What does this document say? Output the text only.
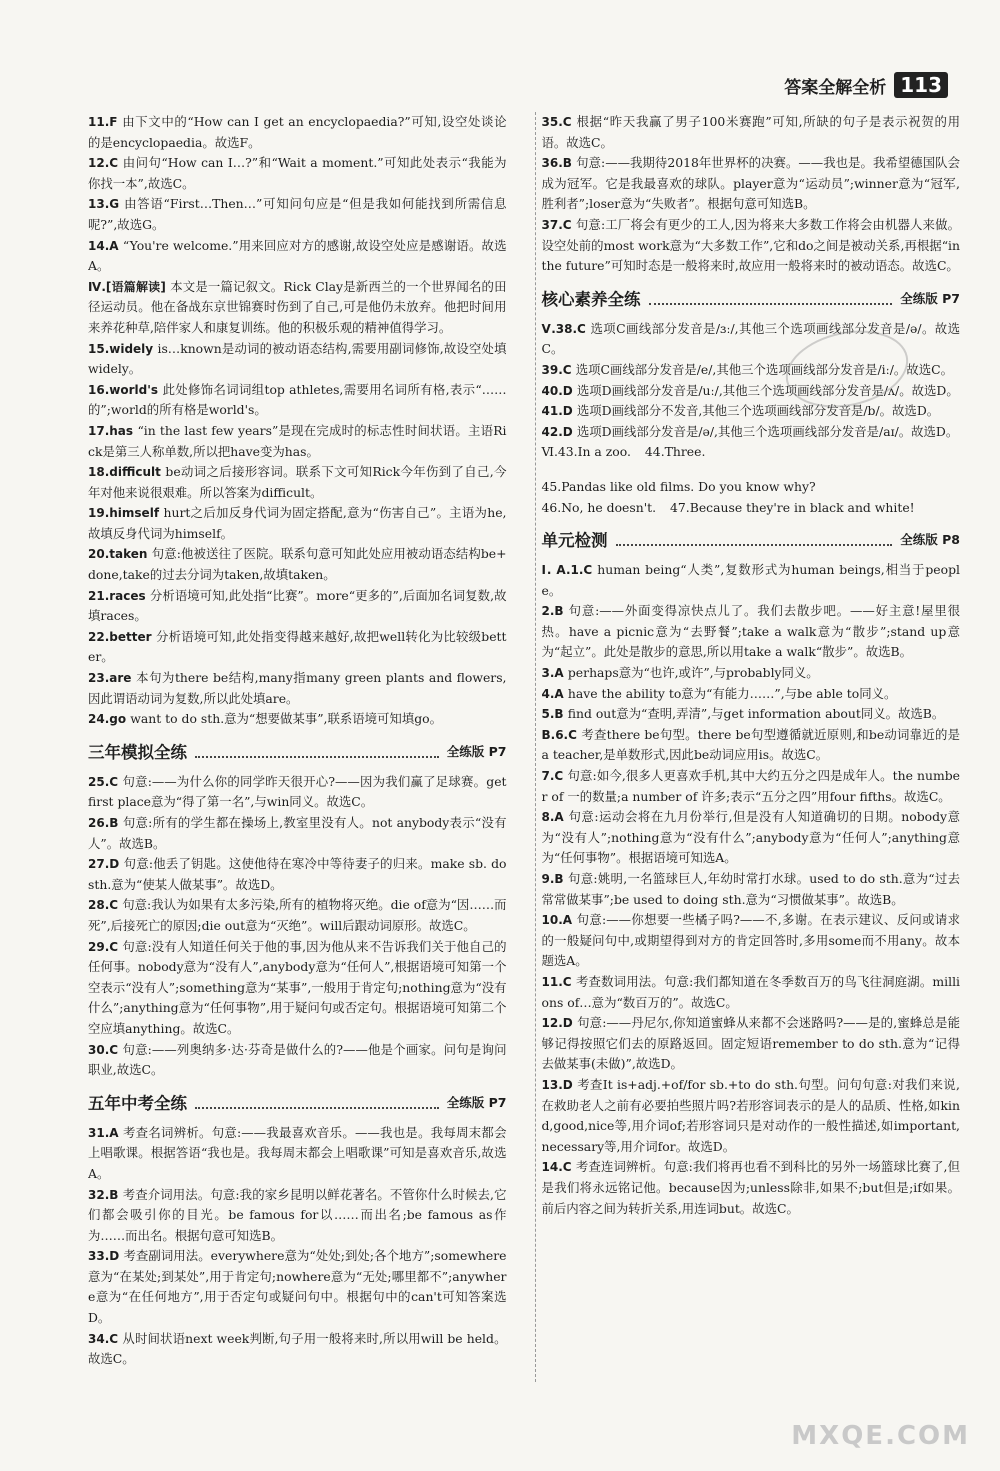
答案全解全析 113

11.F 由下文中的“How can I get an encyclopaedia?”可知,设空处谈论的是encyclopaedia。故选F。

12.C 由问句“How can I…?”和“Wait a moment.”可知此处表示“我能为你找一本”,故选C。

13.G 由答语“First…Then…”可知问句应是“但是我如何能找到所需信息呢?”,故选G。

14.A “You're welcome.”用来回应对方的感谢,故设空处应是感谢语。故选A。

Ⅳ.[语篇解读] 本文是一篇记叙文。Rick Clay是新西兰的一个世界闻名的田径运动员。他在备战东京世锦赛时伤到了自己,可是他仍未放弃。他把时间用来养花种草,陪伴家人和康复训练。他的积极乐观的精神值得学习。

15.widely is…known是动词的被动语态结构,需要用副词修饰,故设空处填widely。

16.world's 此处修饰名词词组top athletes,需要用名词所有格,表示“……的”;world的所有格是world's。

17.has “in the last few years”是现在完成时的标志性时间状语。主语Rick是第三人称单数,所以把have变为has。

18.difficult be动词之后接形容词。联系下文可知Rick今年伤到了自己,今年对他来说很艰难。所以答案为difficult。

19.himself hurt之后加反身代词为固定搭配,意为“伤害自己”。主语为he,故填反身代词为himself。

20.taken 句意:他被送往了医院。联系句意可知此处应用被动语态结构be+done,take的过去分词为taken,故填taken。

21.races 分析语境可知,此处指“比赛”。more“更多的”,后面加名词复数,故填races。

22.better 分析语境可知,此处指变得越来越好,故把well转化为比较级better。

23.are 本句为there be结构,many指many green plants and flowers,因此谓语动词为复数,所以此处填are。

24.go want to do sth.意为“想要做某事”,联系语境可知填go。

三年模拟全练	全练版 P7

25.C 句意:——为什么你的同学昨天很开心?——因为我们赢了足球赛。get first place意为“得了第一名”,与win同义。故选C。

26.B 句意:所有的学生都在操场上,教室里没有人。not anybody表示“没有人”。故选B。

27.D 句意:他丢了钥匙。这使他待在寒冷中等待妻子的归来。make sb. do sth.意为“使某人做某事”。故选D。

28.C 句意:我认为如果有太多污染,所有的植物将灭绝。die of意为“因……而死”,后接死亡的原因;die out意为“灭绝”。will后跟动词原形。故选C。

29.C 句意:没有人知道任何关于他的事,因为他从来不告诉我们关于他自己的任何事。nobody意为“没有人”,anybody意为“任何人”,根据语境可知第一个空表示“没有人”;something意为“某事”,一般用于肯定句;nothing意为“没有什么”;anything意为“任何事物”,用于疑问句或否定句。根据语境可知第二个空应填anything。故选C。

30.C 句意:——列奥纳多·达·芬奇是做什么的?——他是个画家。问句是询问职业,故选C。

五年中考全练	全练版 P7

31.A 考查名词辨析。句意:——我最喜欢音乐。——我也是。我每周末都会上唱歌课。根据答语“我也是。我每周末都会上唱歌课”可知是喜欢音乐,故选A。

32.B 考查介词用法。句意:我的家乡昆明以鲜花著名。不管你什么时候去,它们都会吸引你的目光。be famous for以……而出名;be famous as作为……而出名。根据句意可知选B。

33.D 考查副词用法。everywhere意为“处处;到处;各个地方”;somewhere意为“在某处;到某处”,用于肯定句;nowhere意为“无处;哪里都不”;anywhere意为“在任何地方”,用于否定句或疑问句中。根据句中的can't可知答案选D。

34.C 从时间状语next week判断,句子用一般将来时,所以用will be held。故选C。

35.C 根据“昨天我赢了男子100米赛跑”可知,所缺的句子是表示祝贺的用语。故选C。

36.B 句意:——我期待2018年世界杯的决赛。——我也是。我希望德国队会成为冠军。它是我最喜欢的球队。player意为“运动员”;winner意为“冠军,胜利者”;loser意为“失败者”。根据句意可知选B。

37.C 句意:工厂将会有更少的工人,因为将来大多数工作将会由机器人来做。设空处前的most work意为“大多数工作”,它和do之间是被动关系,再根据“in the future”可知时态是一般将来时,故应用一般将来时的被动语态。故选C。

核心素养全练	全练版 P7

Ⅴ.38.C 选项C画线部分发音是/ɜː/,其他三个选项画线部分发音是/ə/。故选C。

39.C 选项C画线部分发音是/e/,其他三个选项画线部分发音是/iː/。故选C。

40.D 选项D画线部分发音是/uː/,其他三个选项画线部分发音是/ʌ/。故选D。

41.D 选项D画线部分不发音,其他三个选项画线部分发音是/b/。故选D。

42.D 选项D画线部分发音是/ə/,其他三个选项画线部分发音是/aɪ/。故选D。

Ⅵ.43.In a zoo. 44.Three.
45.Pandas like old films. Do you know why?
46.No, he doesn't. 47.Because they're in black and white!
单元检测	全练版 P8

Ⅰ. A.1.C human being“人类”,复数形式为human beings,相当于people。

2.B 句意:——外面变得凉快点儿了。我们去散步吧。——好主意!屋里很热。have a picnic意为“去野餐”;take a walk意为“散步”;stand up意为“起立”。此处是散步的意思,所以用take a walk“散步”。故选B。

3.A perhaps意为“也许,或许”,与probably同义。

4.A have the ability to意为“有能力……”,与be able to同义。

5.B find out意为“查明,弄清”,与get information about同义。故选B。

B.6.C 考查there be句型。there be句型遵循就近原则,和be动词靠近的是a teacher,是单数形式,因此be动词应用is。故选C。

7.C 句意:如今,很多人更喜欢手机,其中大约五分之四是成年人。the number of 一的数量;a number of 许多;表示“五分之四”用four fifths。故选C。

8.A 句意:运动会将在九月份举行,但是没有人知道确切的日期。nobody意为“没有人”;nothing意为“没有什么”;anybody意为“任何人”;anything意为“任何事物”。根据语境可知选A。

9.B 句意:姚明,一名篮球巨人,年幼时常打水球。used to do sth.意为“过去常常做某事”;be used to doing sth.意为“习惯做某事”。故选B。

10.A 句意:——你想要一些橘子吗?——不,多谢。在表示建议、反问或请求的一般疑问句中,或期望得到对方的肯定回答时,多用some而不用any。故本题选A。

11.C 考查数词用法。句意:我们都知道在冬季数百万的鸟飞往洞庭湖。millions of…意为“数百万的”。故选C。

12.D 句意:——丹尼尔,你知道蜜蜂从来都不会迷路吗?——是的,蜜蜂总是能够记得按照它们去的原路返回。固定短语remember to do sth.意为“记得去做某事(未做)”,故选D。

13.D 考查It is+adj.+of/for sb.+to do sth.句型。问句句意:对我们来说,在救助老人之前有必要拍些照片吗?若形容词表示的是人的品质、性格,如kind,good,nice等,用介词of;若形容词只是对动作的一般性描述,如important,necessary等,用介词for。故选D。

14.C 考查连词辨析。句意:我们将再也看不到科比的另外一场篮球比赛了,但是我们将永远铭记他。because因为;unless除非,如果不;but但是;if如果。前后内容之间为转折关系,用连词but。故选C。

MXQE.COM
